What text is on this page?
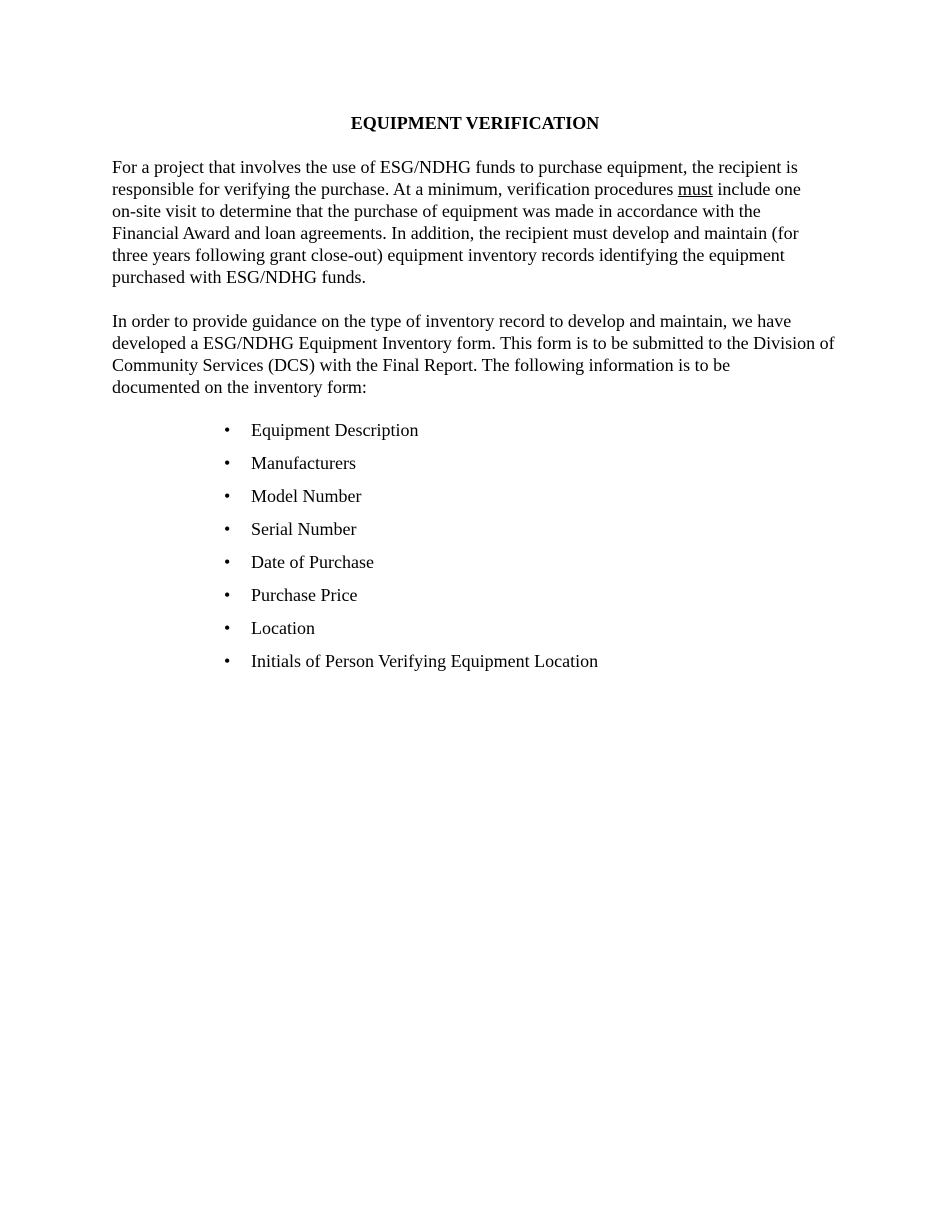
EQUIPMENT VERIFICATION
For a project that involves the use of ESG/NDHG funds to purchase equipment, the recipient is
responsible for verifying the purchase. At a minimum, verification procedures must include one
on-site visit to determine that the purchase of equipment was made in accordance with the
Financial Award and loan agreements. In addition, the recipient must develop and maintain (for
three years following grant close-out) equipment inventory records identifying the equipment
purchased with ESG/NDHG funds.
In order to provide guidance on the type of inventory record to develop and maintain, we have
developed a ESG/NDHG Equipment Inventory form. This form is to be submitted to the Division of
Community Services (DCS) with the Final Report. The following information is to be
documented on the inventory form:
•	Equipment Description
•	Manufacturers
•	Model Number
•	Serial Number
•	Date of Purchase
•	Purchase Price
•	Location
•	Initials of Person Verifying Equipment Location
